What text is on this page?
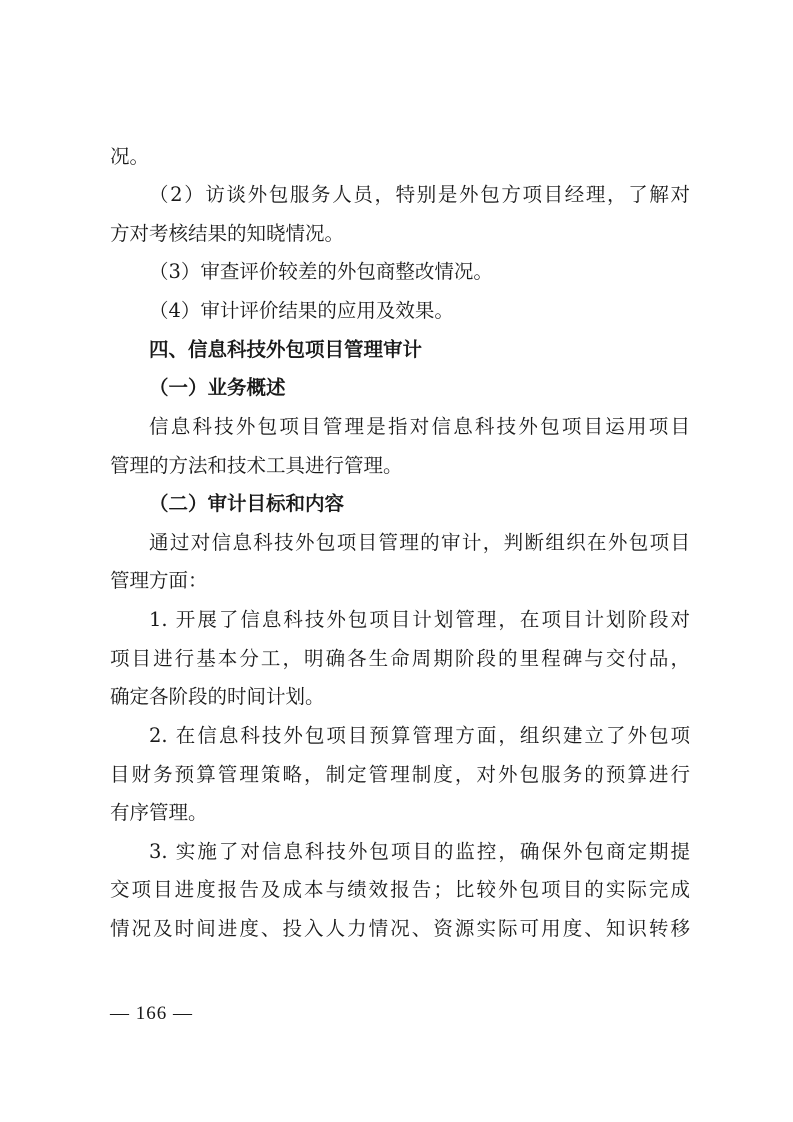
况。
（2）访谈外包服务人员，特别是外包方项目经理，了解对
方对考核结果的知晓情况。
（3）审查评价较差的外包商整改情况。
（4）审计评价结果的应用及效果。
四、信息科技外包项目管理审计
（一）业务概述
信息科技外包项目管理是指对信息科技外包项目运用项目
管理的方法和技术工具进行管理。
（二）审计目标和内容
通过对信息科技外包项目管理的审计，判断组织在外包项目
管理方面：
1. 开展了信息科技外包项目计划管理，在项目计划阶段对
项目进行基本分工，明确各生命周期阶段的里程碑与交付品，
确定各阶段的时间计划。
2. 在信息科技外包项目预算管理方面，组织建立了外包项
目财务预算管理策略，制定管理制度，对外包服务的预算进行
有序管理。
3. 实施了对信息科技外包项目的监控，确保外包商定期提
交项目进度报告及成本与绩效报告；比较外包项目的实际完成
情况及时间进度、投入人力情况、资源实际可用度、知识转移
— 166 —
